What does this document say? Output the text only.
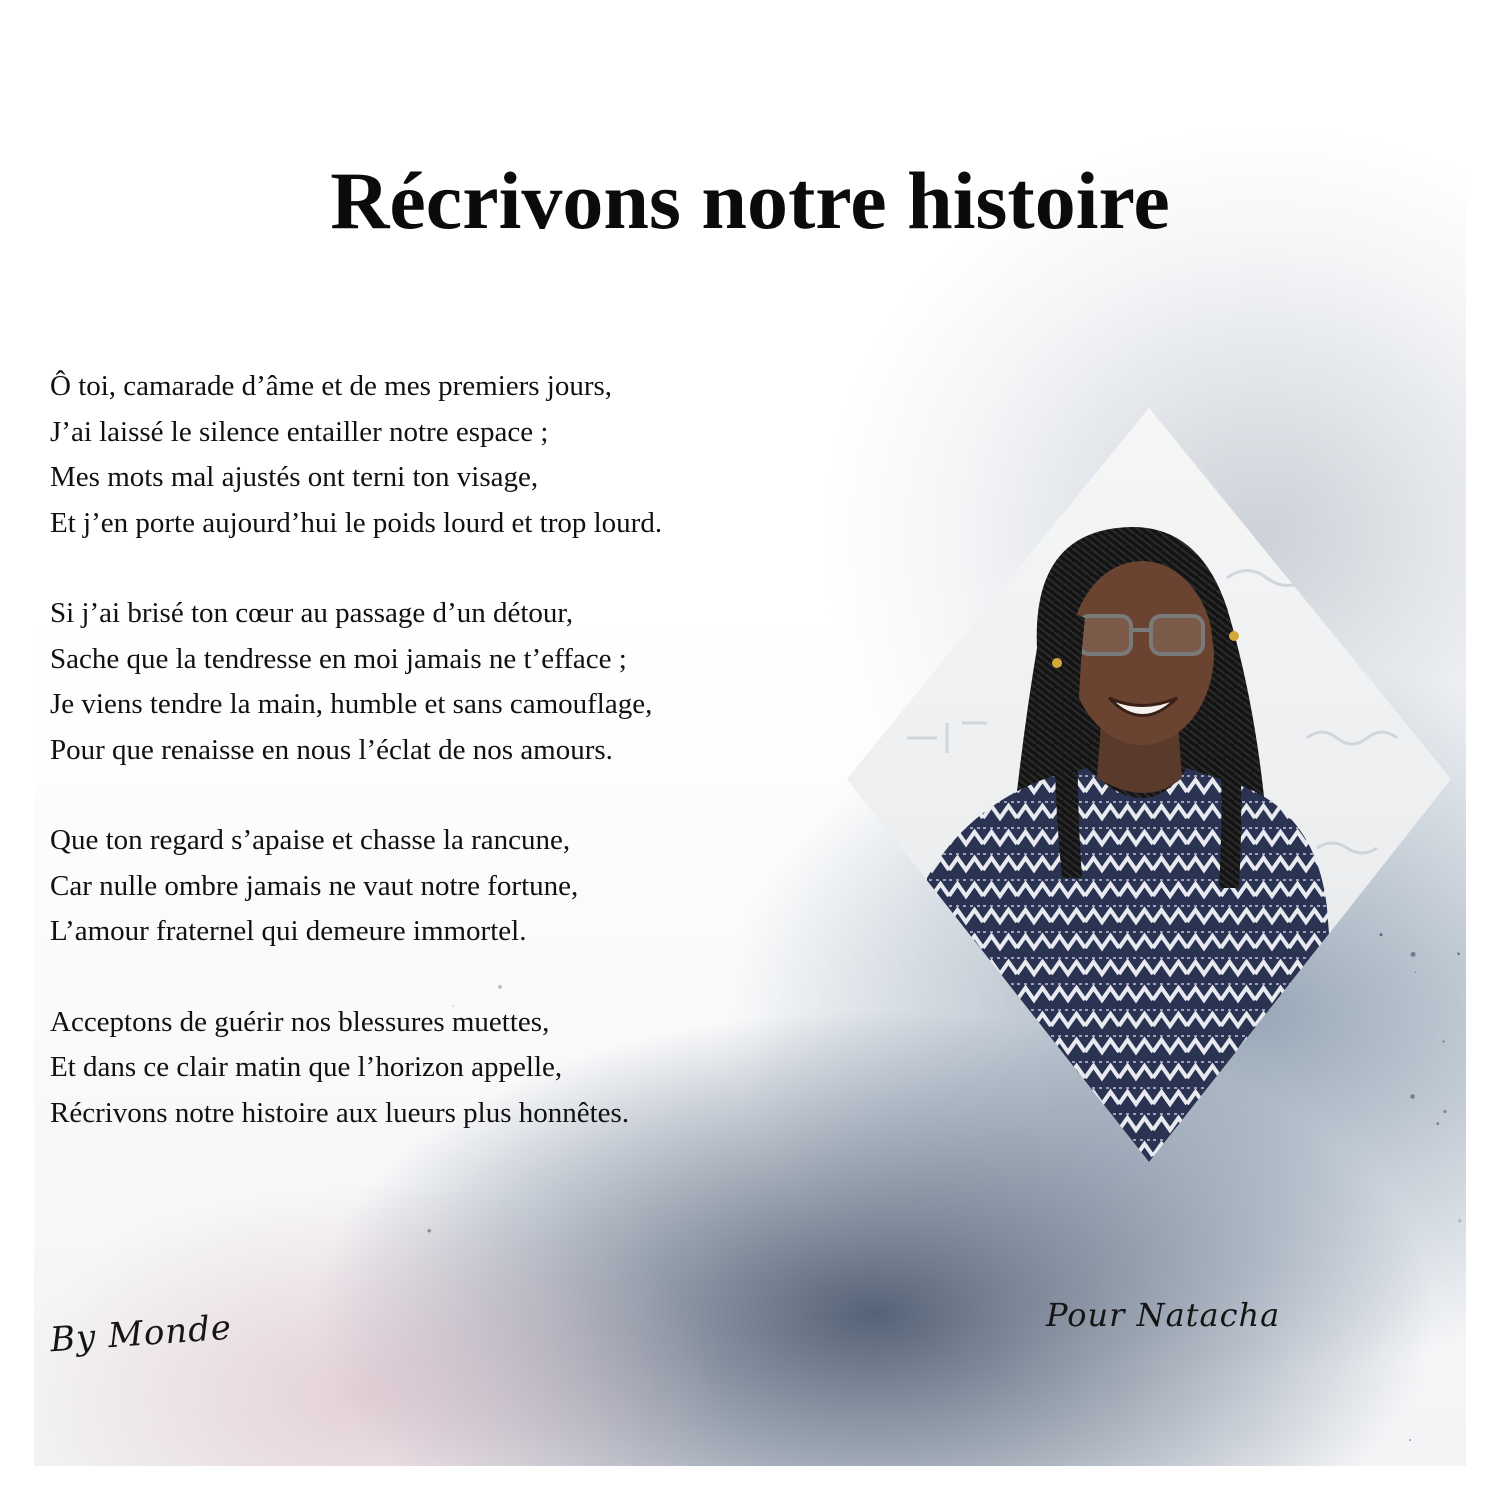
Récrivons notre histoire
Ô toi, camarade d’âme et de mes premiers jours,
J’ai laissé le silence entailler notre espace ;
Mes mots mal ajustés ont terni ton visage,
Et j’en porte aujourd’hui le poids lourd et trop lourd.
Si j’ai brisé ton cœur au passage d’un détour,
Sache que la tendresse en moi jamais ne t’efface ;
Je viens tendre la main, humble et sans camouflage,
Pour que renaisse en nous l’éclat de nos amours.
Que ton regard s’apaise et chasse la rancune,
Car nulle ombre jamais ne vaut notre fortune,
L’amour fraternel qui demeure immortel.
Acceptons de guérir nos blessures muettes,
Et dans ce clair matin que l’horizon appelle,
Récrivons notre histoire aux lueurs plus honnêtes.
By Monde	Pour Natacha
